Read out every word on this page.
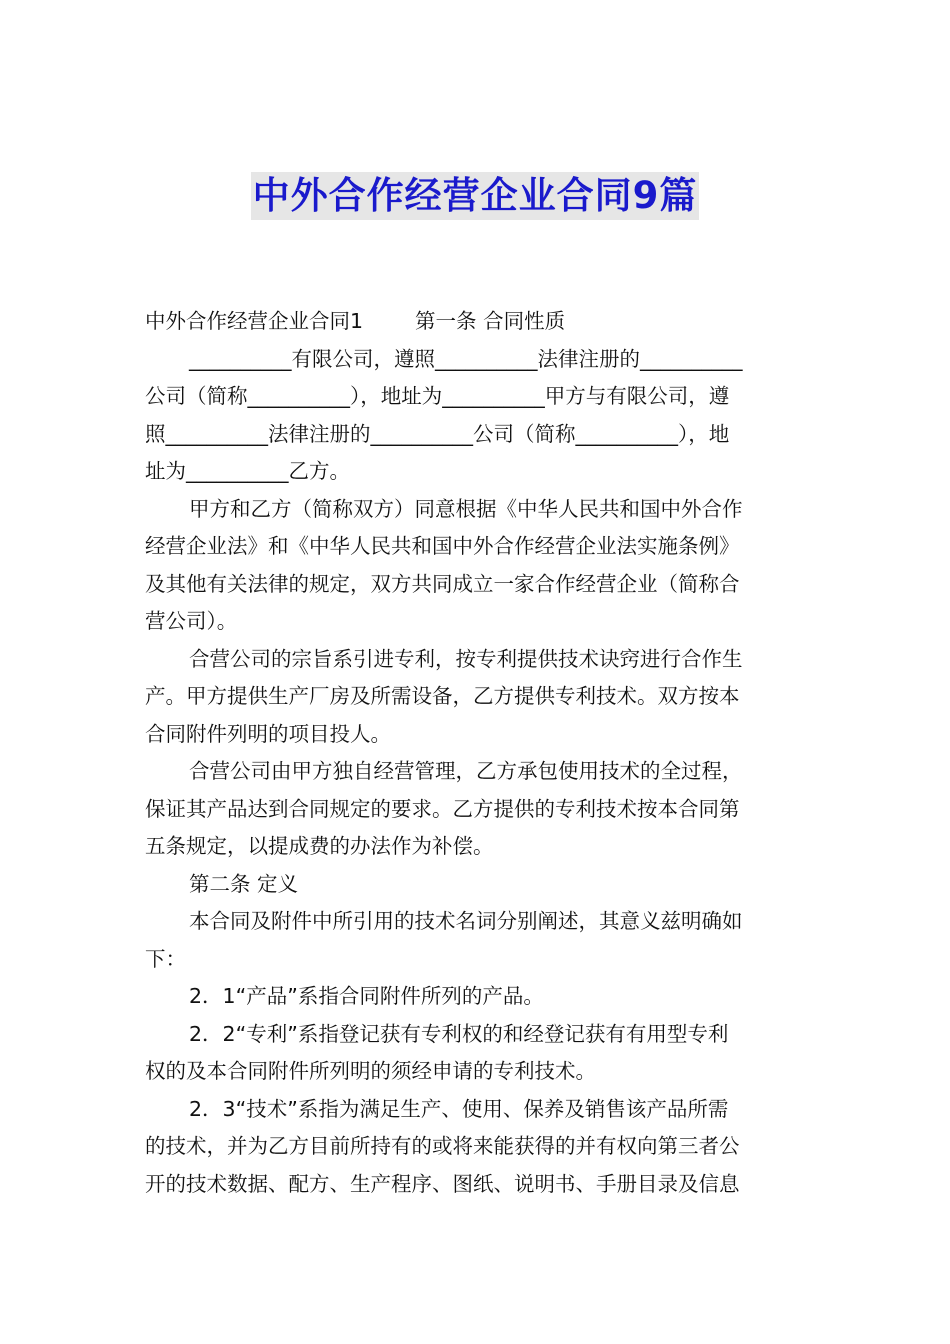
中外合作经营企业合同9篇
中外合作经营企业合同1	第一条 合同性质
__________有限公司，遵照__________法律注册的__________
公司（简称__________），地址为__________甲方与有限公司，遵
照__________法律注册的__________公司（简称__________），地
址为__________乙方。
甲方和乙方（简称双方）同意根据《中华人民共和国中外合作
经营企业法》和《中华人民共和国中外合作经营企业法实施条例》
及其他有关法律的规定，双方共同成立一家合作经营企业（简称合
营公司）。
合营公司的宗旨系引进专利，按专利提供技术诀窍进行合作生
产。甲方提供生产厂房及所需设备，乙方提供专利技术。双方按本
合同附件列明的项目投人。
合营公司由甲方独自经营管理，乙方承包使用技术的全过程，
保证其产品达到合同规定的要求。乙方提供的专利技术按本合同第
五条规定，以提成费的办法作为补偿。
第二条 定义
本合同及附件中所引用的技术名词分别阐述，其意义兹明确如
下：
2．1“产品”系指合同附件所列的产品。
2．2“专利”系指登记获有专利权的和经登记获有有用型专利
权的及本合同附件所列明的须经申请的专利技术。
2．3“技术”系指为满足生产、使用、保养及销售该产品所需
的技术，并为乙方目前所持有的或将来能获得的并有权向第三者公
开的技术数据、配方、生产程序、图纸、说明书、手册目录及信息
